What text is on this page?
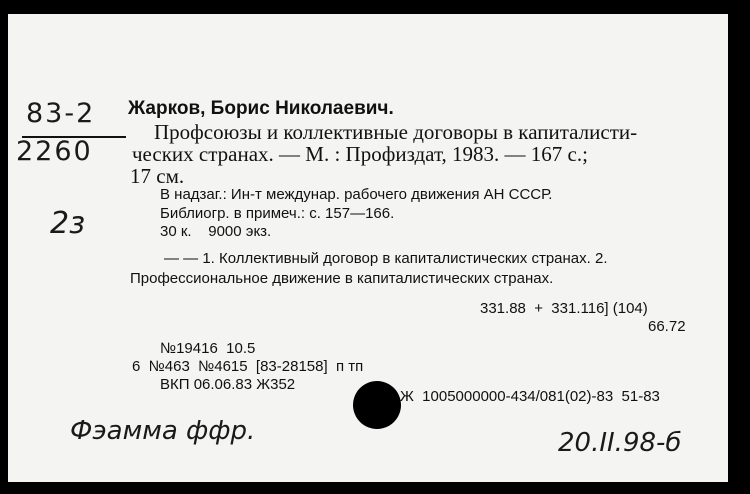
83-2
2260
2з
Жарков, Борис Николаевич.
Профсоюзы и коллективные договоры в капиталисти-
ческих странах. — М. : Профиздат, 1983. — 167 с.;
17 см.
В надзаг.: Ин-т междунар. рабочего движения АН СССР.
Библиогр. в примеч.: с. 157—166.
30 к.    9000 экз.
— — 1. Коллективный договор в капиталистических странах. 2.
Профессиональное движение в капиталистических странах.
331.88  +  331.116] (104)
66.72
№19416  10.5
6  №463  №4615  [83-28158]  п тп
ВКП 06.06.83 Ж352
Ж  1005000000-434/081(02)-83  51-83
Фэамма ффр.	20.II.98-б
